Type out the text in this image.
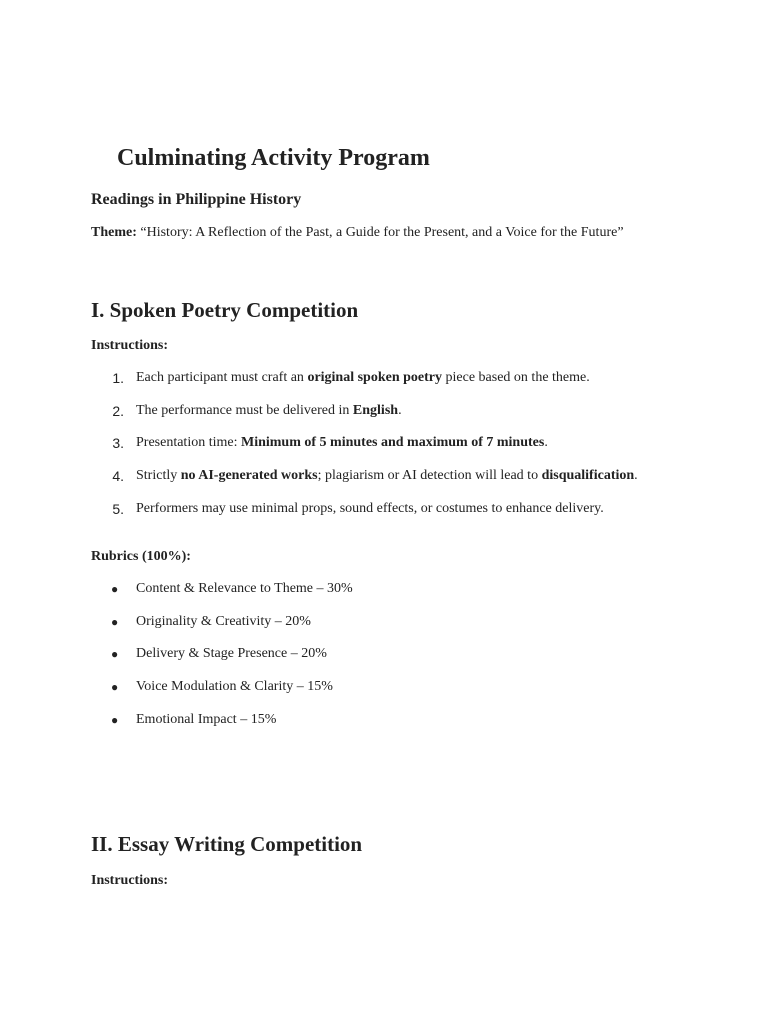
Culminating Activity Program
Readings in Philippine History
Theme: “History: A Reflection of the Past, a Guide for the Present, and a Voice for the Future”
I. Spoken Poetry Competition
Instructions:
1. Each participant must craft an original spoken poetry piece based on the theme.
2. The performance must be delivered in English.
3. Presentation time: Minimum of 5 minutes and maximum of 7 minutes.
4. Strictly no AI-generated works; plagiarism or AI detection will lead to disqualification.
5. Performers may use minimal props, sound effects, or costumes to enhance delivery.
Rubrics (100%):
● Content & Relevance to Theme – 30%
● Originality & Creativity – 20%
● Delivery & Stage Presence – 20%
● Voice Modulation & Clarity – 15%
● Emotional Impact – 15%
II. Essay Writing Competition
Instructions:
